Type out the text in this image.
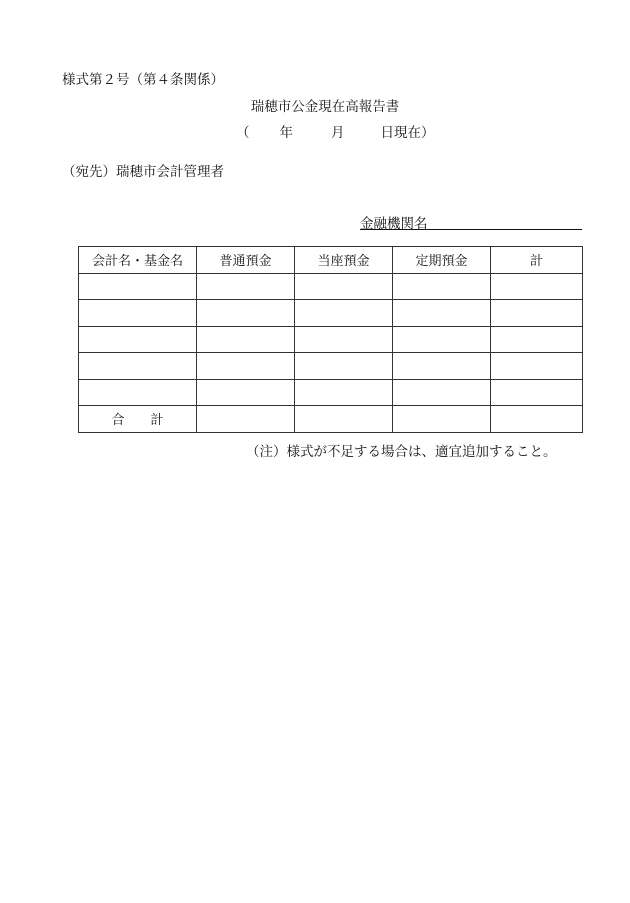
様式第２号（第４条関係）
瑞穂市公金現在高報告書
（ 年	月	日現在）
（宛先）瑞穂市会計管理者
金融機関名
会計名・基金名	普通預金	当座預金	定期預金	計

合　　計				
（注）様式が不足する場合は、適宜追加すること。
